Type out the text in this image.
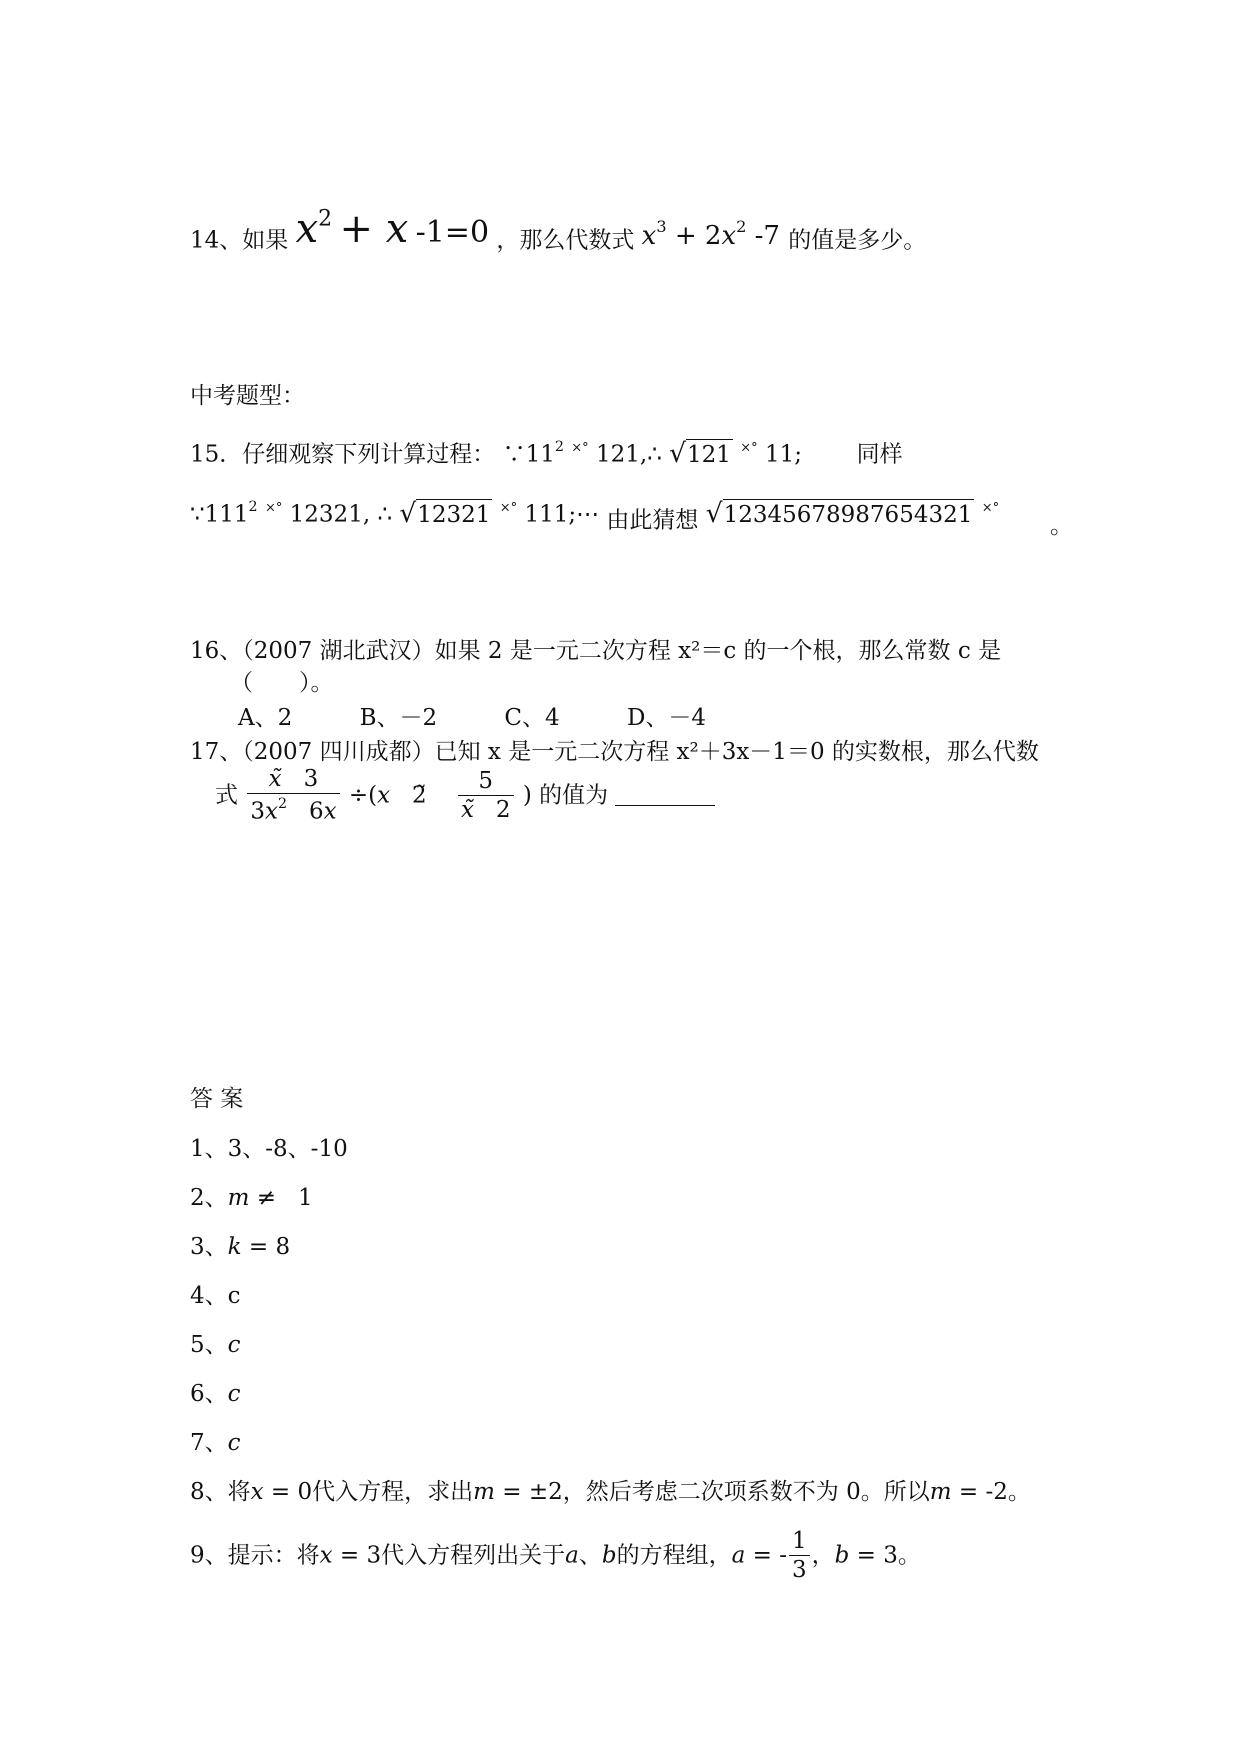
14、如果 $x^2 + x$ -1=0 ，那么代数式 $x^3 + 2x^2$ -7 的值是多少。
中考题型：
15．仔细观察下列计算过程： $\because 11^2$ ×° 121,∴ √121 ×° 11; 同样
$\because 111^2$ ×° 12321, ∴ √12321 ×° 111;⋯ 由此猜想 √12345678987654321 ×°
。
16、（2007 湖北武汉）如果 2 是一元二次方程 x²＝c 的一个根，那么常数 c 是
（　　）。
A、2	B、－2	C、4	D、－4
17、（2007 四川成都）已知 x 是一元二次方程 x²＋3x－1＝0 的实数根，那么代数
式 $\frac{x̃ 3}{3x^2 6x} \div(x$   2̃ $\frac{5}{x̃ 2}$ ) 的值为
答 案
1、3、-8、-10
2、m ≠   1
3、k = 8
4、c
5、c
6、c
7、c
8、将x = 0代入方程，求出m = ±2，然后考虑二次项系数不为 0。所以m = -2。
9、提示：将x = 3代入方程列出关于a、b的方程组，a = - $\frac{1}{3}$ ，b = 3。
